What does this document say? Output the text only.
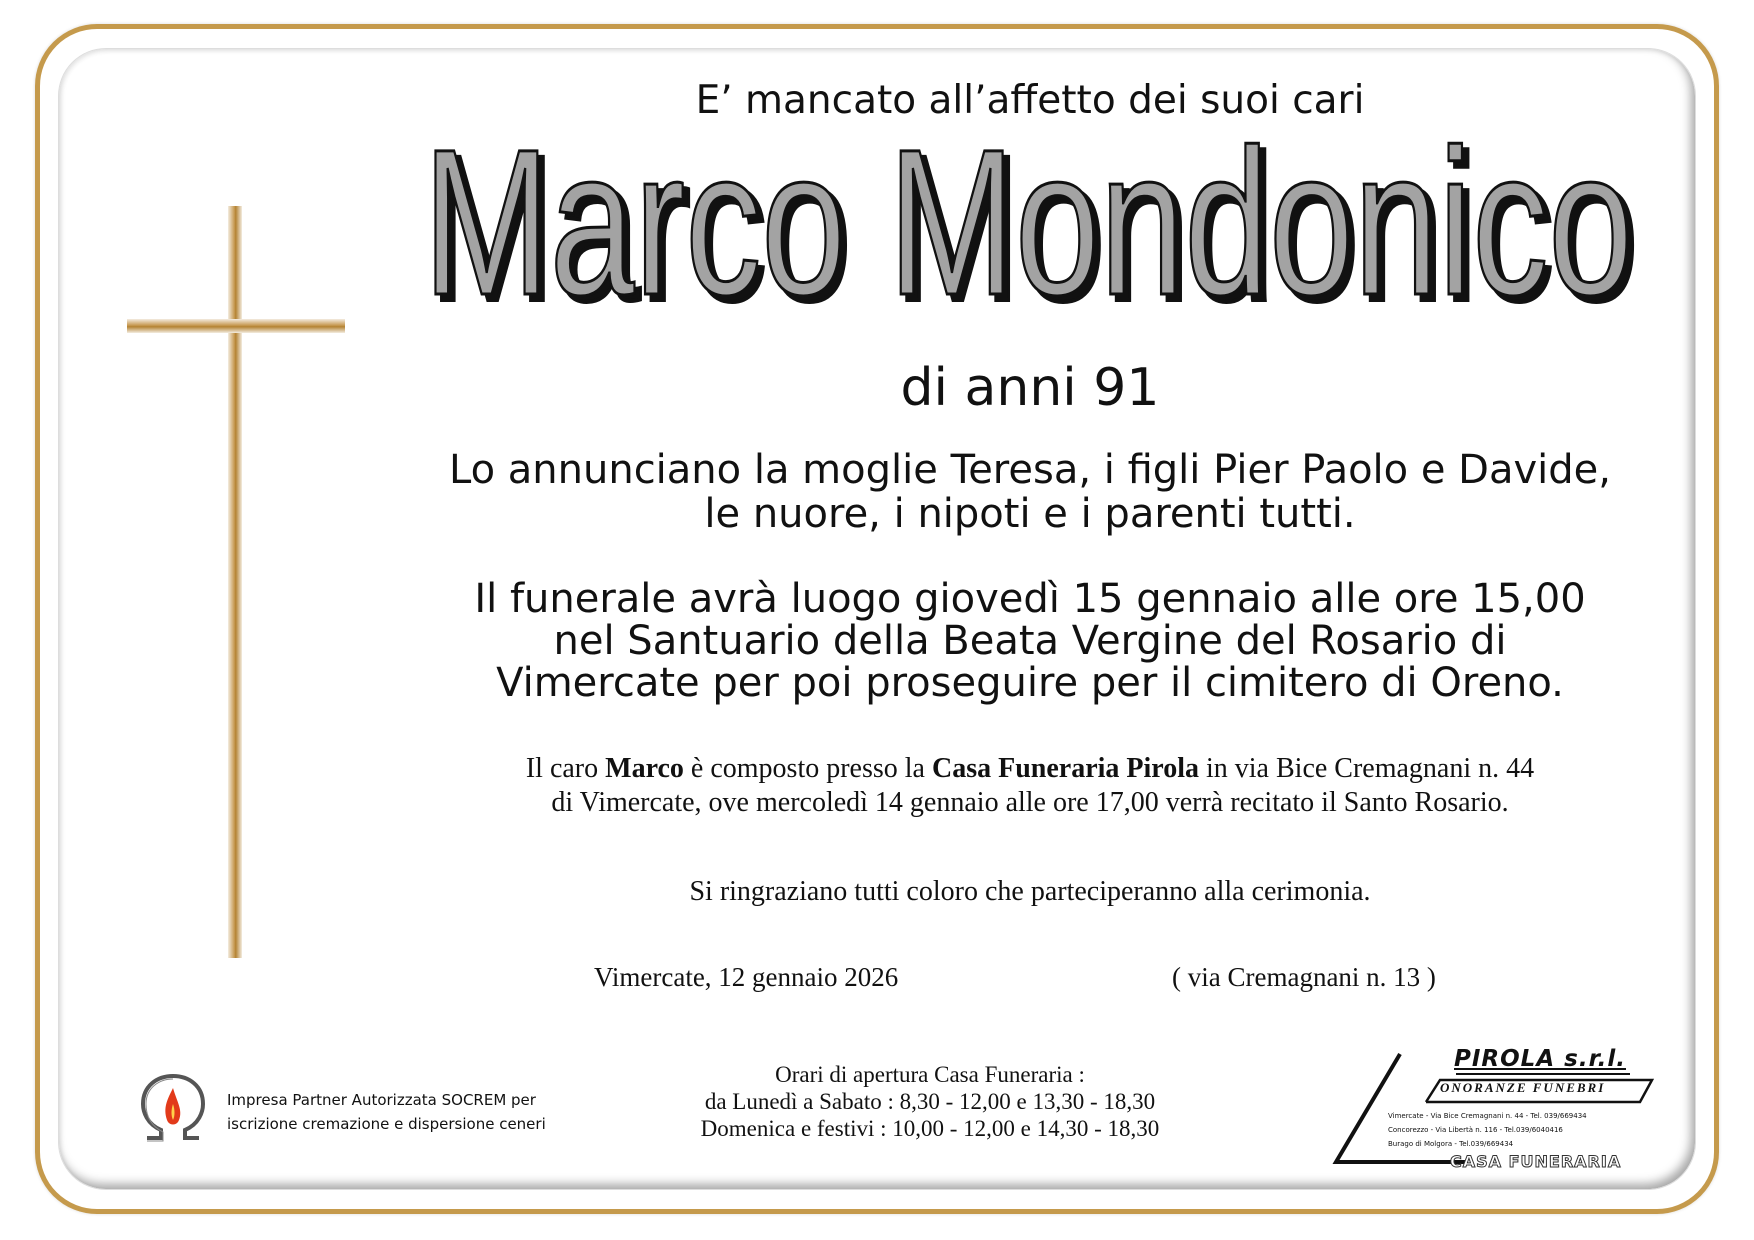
E’ mancato all’affetto dei suoi cari
Marco Mondonico
Marco Mondonico
di anni 91
Lo annunciano la moglie Teresa, i figli Pier Paolo e Davide,
le nuore, i nipoti e i parenti tutti.
Il funerale avrà luogo giovedì 15 gennaio alle ore 15,00
nel Santuario della Beata Vergine del Rosario di
Vimercate per poi proseguire per il cimitero di Oreno.
Il caro Marco è composto presso la Casa Funeraria Pirola in via Bice Cremagnani n. 44
di Vimercate, ove mercoledì 14 gennaio alle ore 17,00 verrà recitato il Santo Rosario.
Si ringraziano tutti coloro che parteciperanno alla cerimonia.
Vimercate, 12 gennaio 2026	( via Cremagnani n. 13 )
Orari di apertura Casa Funeraria :
da Lunedì a Sabato : 8,30 - 12,00 e 13,30 - 18,30
Domenica e festivi : 10,00 - 12,00 e 14,30 - 18,30
Impresa Partner Autorizzata SOCREM per
iscrizione cremazione e dispersione ceneri
PIROLA s.r.l.
ONORANZE FUNEBRI
Vimercate - Via Bice Cremagnani n. 44 - Tel. 039/669434
Concorezzo - Via Libertà n. 116 - Tel.039/6040416
Burago di Molgora - Tel.039/669434
CASA FUNERARIA
